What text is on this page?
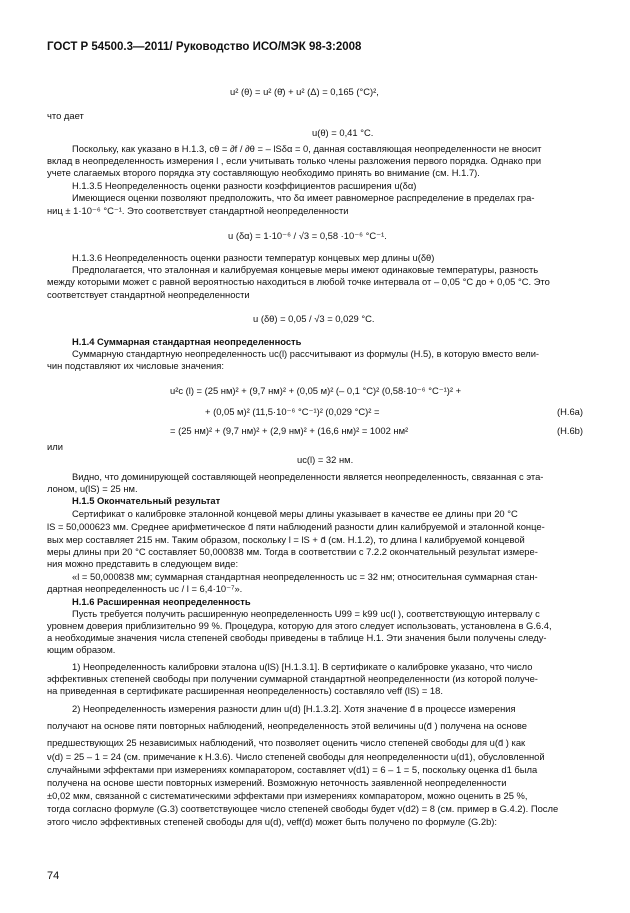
ГОСТ Р 54500.3—2011/ Руководство ИСО/МЭК 98-3:2008
u² (θ) = u² (θ̄) + u² (Δ) = 0,165 (°C)²,
что дает
u(θ) = 0,41 °C.
Поскольку, как указано в Н.1.3, cθ = ∂f / ∂θ = – lSδα = 0, данная составляющая неопределенности не вносит
вклад в неопределенность измерения l , если учитывать только члены разложения первого порядка. Однако при
учете слагаемых второго порядка эту составляющую необходимо принять во внимание (см. Н.1.7).
Н.1.3.5 Неопределенность оценки разности коэффициентов расширения u(δα)
Имеющиеся оценки позволяют предположить, что δα имеет равномерное распределение в пределах гра-
ниц ± 1·10⁻⁶ °C⁻¹. Это соответствует стандартной неопределенности
u (δα) = 1·10⁻⁶ / √3 = 0,58 ·10⁻⁶ °C⁻¹.
Н.1.3.6 Неопределенность оценки разности температур концевых мер длины u(δθ)
Предполагается, что эталонная и калибруемая концевые меры имеют одинаковые температуры, разность
между которыми может с равной вероятностью находиться в любой точке интервала от – 0,05 °C до + 0,05 °C. Это
соответствует стандартной неопределенности
u (δθ) = 0,05 / √3 = 0,029 °C.
Н.1.4 Суммарная стандартная неопределенность
Суммарную стандартную неопределенность uc(l) рассчитывают из формулы (Н.5), в которую вместо вели-
чин подставляют их числовые значения:
u²c (l) = (25 нм)² + (9,7 нм)² + (0,05 м)² (– 0,1 °C)² (0,58·10⁻⁶ °C⁻¹)² +
+ (0,05 м)² (11,5·10⁻⁶ °C⁻¹)² (0,029 °C)² =	(Н.6а)
= (25 нм)² + (9,7 нм)² + (2,9 нм)² + (16,6 нм)² = 1002 нм²	(Н.6b)
или
uc(l) = 32 нм.
Видно, что доминирующей составляющей неопределенности является неопределенность, связанная с эта-
лоном, u(lS) = 25 нм.
Н.1.5 Окончательный результат
Сертификат о калибровке эталонной концевой меры длины указывает в качестве ее длины при 20 °C
lS = 50,000623 мм. Среднее арифметическое d̄ пяти наблюдений разности длин калибруемой и эталонной конце-
вых мер составляет 215 нм. Таким образом, поскольку l = lS + d̄ (см. Н.1.2), то длина l калибруемой концевой
меры длины при 20 °C составляет 50,000838 мм. Тогда в соответствии с 7.2.2 окончательный результат измере-
ния можно представить в следующем виде:
«l = 50,000838 мм; суммарная стандартная неопределенность uc = 32 нм; относительная суммарная стан-
дартная неопределенность uc / l = 6,4·10⁻⁷».
Н.1.6 Расширенная неопределенность
Пусть требуется получить расширенную неопределенность U99 = k99 uc(l ), соответствующую интервалу с
уровнем доверия приблизительно 99 %. Процедура, которую для этого следует использовать, установлена в G.6.4,
а необходимые значения числа степеней свободы приведены в таблице Н.1. Эти значения были получены следу-
ющим образом.
1) Неопределенность калибровки эталона u(lS) [Н.1.3.1]. В сертификате о калибровке указано, что число
эффективных степеней свободы при получении суммарной стандартной неопределенности (из которой получе-
на приведенная в сертификате расширенная неопределенность) составляло νeff (lS) = 18.
2) Неопределенность измерения разности длин u(d) [Н.1.3.2]. Хотя значение d̄ в процессе измерения
получают на основе пяти повторных наблюдений, неопределенность этой величины u(d̄ ) получена на основе
предшествующих 25 независимых наблюдений, что позволяет оценить число степеней свободы для u(d̄ ) как
ν(d) = 25 – 1 = 24 (см. примечание к Н.3.6). Число степеней свободы для неопределенности u(d1), обусловленной
случайными эффектами при измерениях компаратором, составляет ν(d1) = 6 – 1 = 5, поскольку оценка d1 была
получена на основе шести повторных измерений. Возможную неточность заявленной неопределенности
±0,02 мкм, связанной с систематическими эффектами при измерениях компаратором, можно оценить в 25 %,
тогда согласно формуле (G.3) соответствующее число степеней свободы будет ν(d2) = 8 (см. пример в G.4.2). После
этого число эффективных степеней свободы для u(d), νeff(d) может быть получено по формуле (G.2b):
74
